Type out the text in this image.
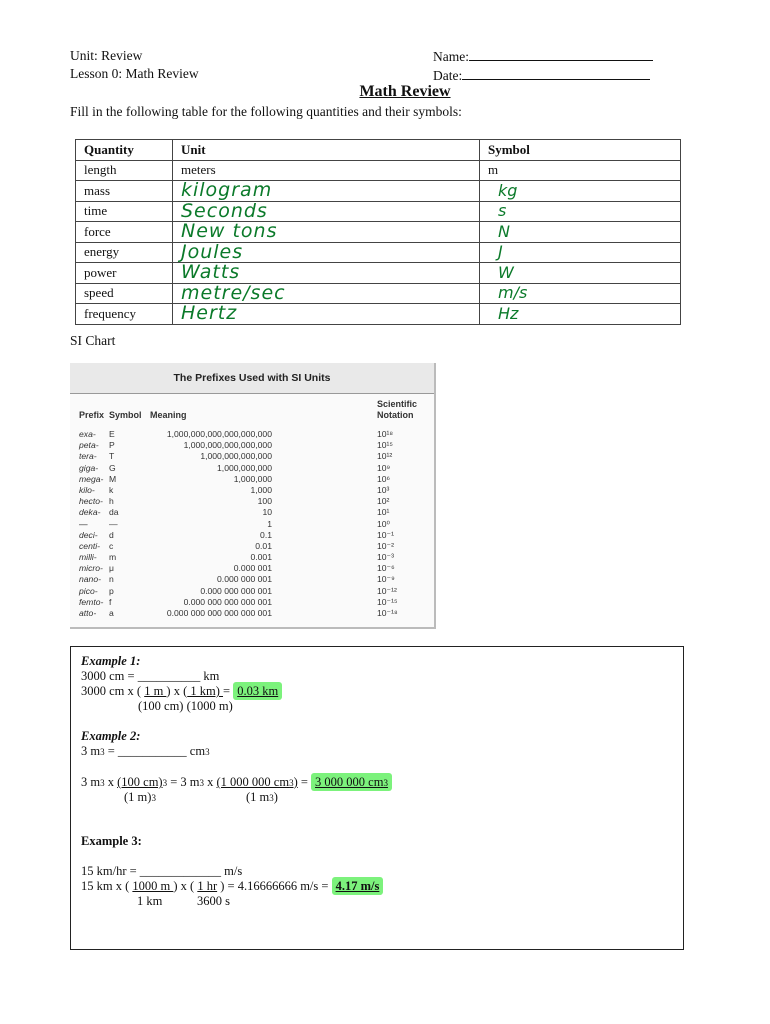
Unit: Review
Lesson 0: Math Review
Name:
Date:
Math Review
Fill in the following table for the following quantities and their symbols:
Quantity	Unit	Symbol
length	meters	m
mass	kilogram	kg
time	Seconds	s
force	New tons	N
energy	Joules	J
power	Watts	W
speed	metre/sec	m/s
frequency	Hertz	Hz
SI Chart
The Prefixes Used with SI Units
Prefix Symbol Meaning
Scientific
Notation
exa- E	1,000,000,000,000,000,000	10¹⁸
peta- P	1,000,000,000,000,000	10¹⁵
tera- T	1,000,000,000,000	10¹²
giga- G	1,000,000,000	10⁹
mega- M	1,000,000	10⁶
kilo- k	1,000	10³
hecto- h	100	10²
deka- da	10	10¹
— —	1	10⁰
deci- d	0.1	10⁻¹
centi- c	0.01	10⁻²
milli- m	0.001	10⁻³
micro- μ	0.000 001	10⁻⁶
nano- n	0.000 000 001	10⁻⁹
pico- p	0.000 000 000 001	10⁻¹²
femto- f	0.000 000 000 000 001	10⁻¹⁵
atto- a	0.000 000 000 000 000 001	10⁻¹⁸
Example 1:
3000 cm = __________ km
3000 cm x ( 1 m ) x ( 1 km) = 0.03 km
(100 cm) (1000 m)
Example 2:
3 m3 = ___________ cm3
3 m3 x (100 cm)3 = 3 m3 x (1 000 000 cm3) = 3 000 000 cm3
(1 m)3	(1 m3)
Example 3:
15 km/hr = _____________ m/s
15 km x ( 1000 m ) x ( 1 hr ) = 4.16666666 m/s = 4.17 m/s
1 km	3600 s
